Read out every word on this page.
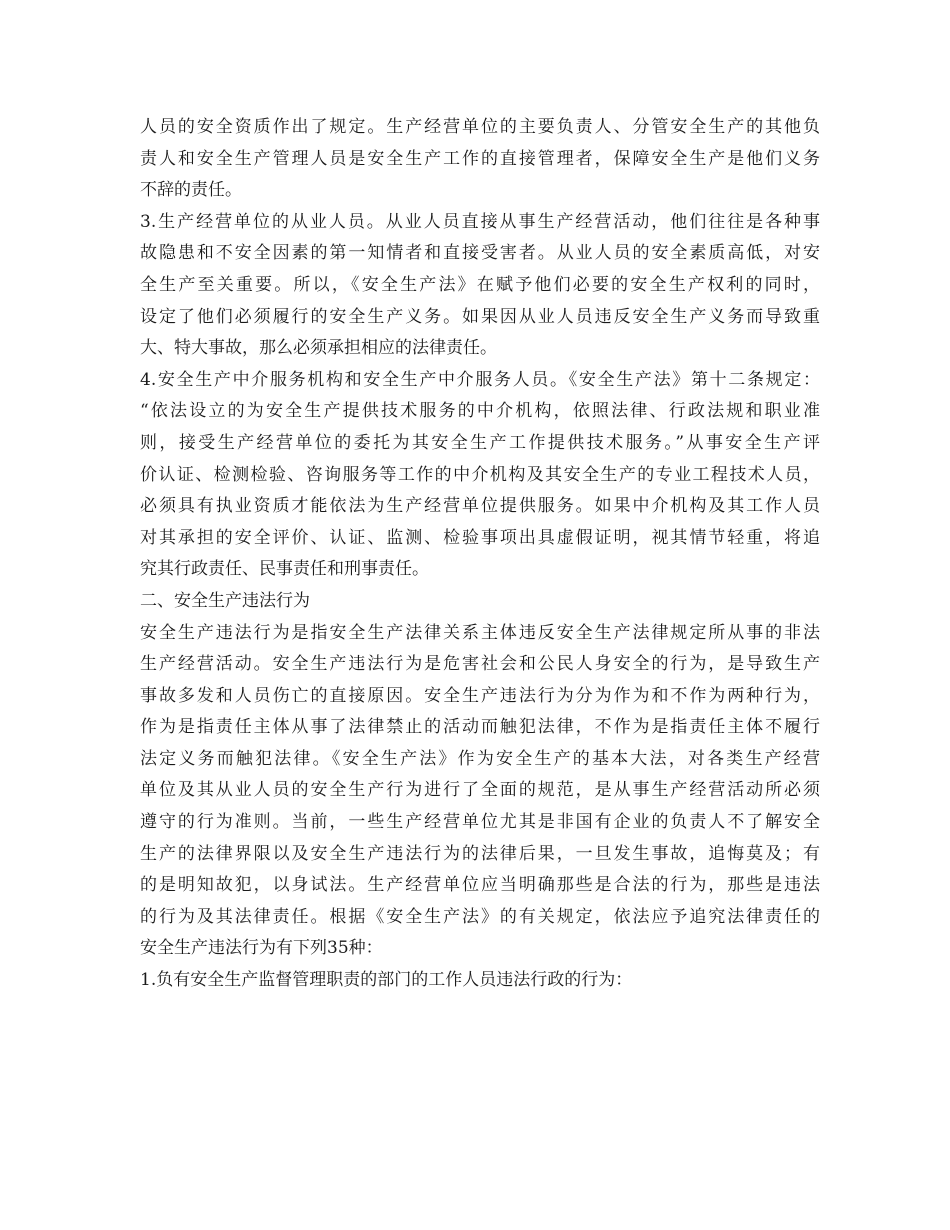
人员的安全资质作出了规定。生产经营单位的主要负责人、分管安全生产的其他负
责人和安全生产管理人员是安全生产工作的直接管理者，保障安全生产是他们义务
不辞的责任。
3.生产经营单位的从业人员。从业人员直接从事生产经营活动，他们往往是各种事
故隐患和不安全因素的第一知情者和直接受害者。从业人员的安全素质高低，对安
全生产至关重要。所以，《安全生产法》在赋予他们必要的安全生产权利的同时，
设定了他们必须履行的安全生产义务。如果因从业人员违反安全生产义务而导致重
大、特大事故，那么必须承担相应的法律责任。
4.安全生产中介服务机构和安全生产中介服务人员。《安全生产法》第十二条规定：
“依法设立的为安全生产提供技术服务的中介机构，依照法律、行政法规和职业准
则，接受生产经营单位的委托为其安全生产工作提供技术服务。”从事安全生产评
价认证、检测检验、咨询服务等工作的中介机构及其安全生产的专业工程技术人员，
必须具有执业资质才能依法为生产经营单位提供服务。如果中介机构及其工作人员
对其承担的安全评价、认证、监测、检验事项出具虚假证明，视其情节轻重，将追
究其行政责任、民事责任和刑事责任。
二、安全生产违法行为
安全生产违法行为是指安全生产法律关系主体违反安全生产法律规定所从事的非法
生产经营活动。安全生产违法行为是危害社会和公民人身安全的行为，是导致生产
事故多发和人员伤亡的直接原因。安全生产违法行为分为作为和不作为两种行为，
作为是指责任主体从事了法律禁止的活动而触犯法律，不作为是指责任主体不履行
法定义务而触犯法律。《安全生产法》作为安全生产的基本大法，对各类生产经营
单位及其从业人员的安全生产行为进行了全面的规范，是从事生产经营活动所必须
遵守的行为准则。当前，一些生产经营单位尤其是非国有企业的负责人不了解安全
生产的法律界限以及安全生产违法行为的法律后果，一旦发生事故，追悔莫及；有
的是明知故犯，以身试法。生产经营单位应当明确那些是合法的行为，那些是违法
的行为及其法律责任。根据《安全生产法》的有关规定，依法应予追究法律责任的
安全生产违法行为有下列35种：
1.负有安全生产监督管理职责的部门的工作人员违法行政的行为：
